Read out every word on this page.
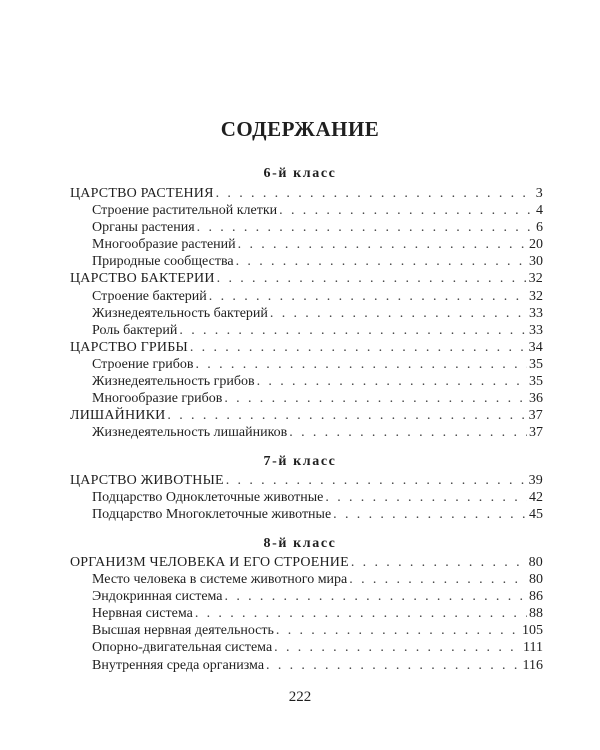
СОДЕРЖАНИЕ
6-й класс
ЦАРСТВО РАСТЕНИЯ . . .	3
Строение растительной клетки . . .	4
Органы растения . . .	6
Многообразие растений . . .	20
Природные сообщества . . .	30
ЦАРСТВО БАКТЕРИИ . . .	32
Строение бактерий . . .	32
Жизнедеятельность бактерий . . .	33
Роль бактерий . . .	33
ЦАРСТВО ГРИБЫ . . .	34
Строение грибов . . .	35
Жизнедеятельность грибов . . .	35
Многообразие грибов . . .	36
ЛИШАЙНИКИ . . .	37
Жизнедеятельность лишайников . . .	37
7-й класс
ЦАРСТВО ЖИВОТНЫЕ . . .	39
Подцарство Одноклеточные животные . . .	42
Подцарство Многоклеточные животные . . .	45
8-й класс
ОРГАНИЗМ ЧЕЛОВЕКА И ЕГО СТРОЕНИЕ . . .	80
Место человека в системе животного мира . . .	80
Эндокринная система . . .	86
Нервная система . . .	88
Высшая нервная деятельность . . .	105
Опорно-двигательная система . . .	111
Внутренняя среда организма . . .	116
222
